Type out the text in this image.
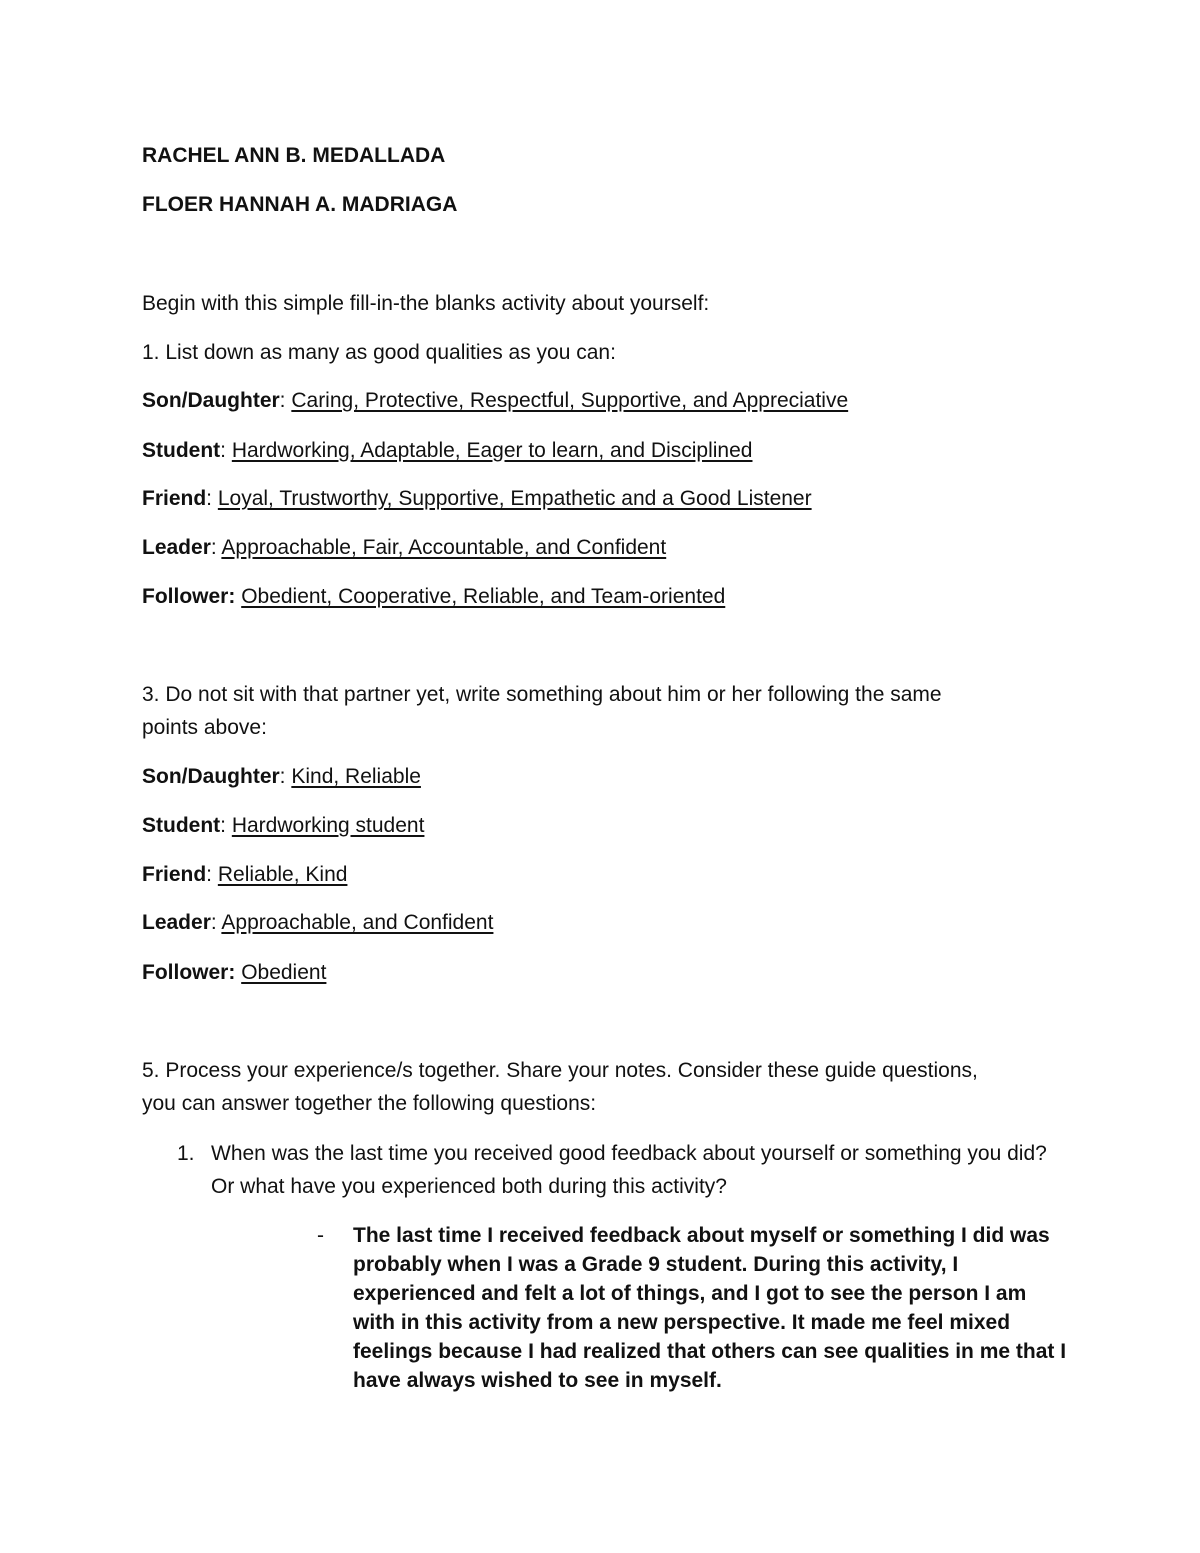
RACHEL ANN B. MEDALLADA
FLOER HANNAH A. MADRIAGA
Begin with this simple fill-in-the blanks activity about yourself:
1. List down as many as good qualities as you can:
Son/Daughter: Caring, Protective, Respectful, Supportive, and Appreciative
Student: Hardworking, Adaptable, Eager to learn, and Disciplined
Friend: Loyal, Trustworthy, Supportive, Empathetic and a Good Listener
Leader: Approachable, Fair, Accountable, and Confident
Follower: Obedient, Cooperative, Reliable, and Team-oriented
3. Do not sit with that partner yet, write something about him or her following the same
points above:
Son/Daughter: Kind, Reliable
Student: Hardworking student
Friend: Reliable, Kind
Leader: Approachable, and Confident
Follower: Obedient
5. Process your experience/s together. Share your notes. Consider these guide questions,
you can answer together the following questions:
1. When was the last time you received good feedback about yourself or something you did? Or what have you experienced both during this activity?
- The last time I received feedback about myself or something I did was probably when I was a Grade 9 student. During this activity, I experienced and felt a lot of things, and I got to see the person I am with in this activity from a new perspective. It made me feel mixed feelings because I had realized that others can see qualities in me that I have always wished to see in myself.
